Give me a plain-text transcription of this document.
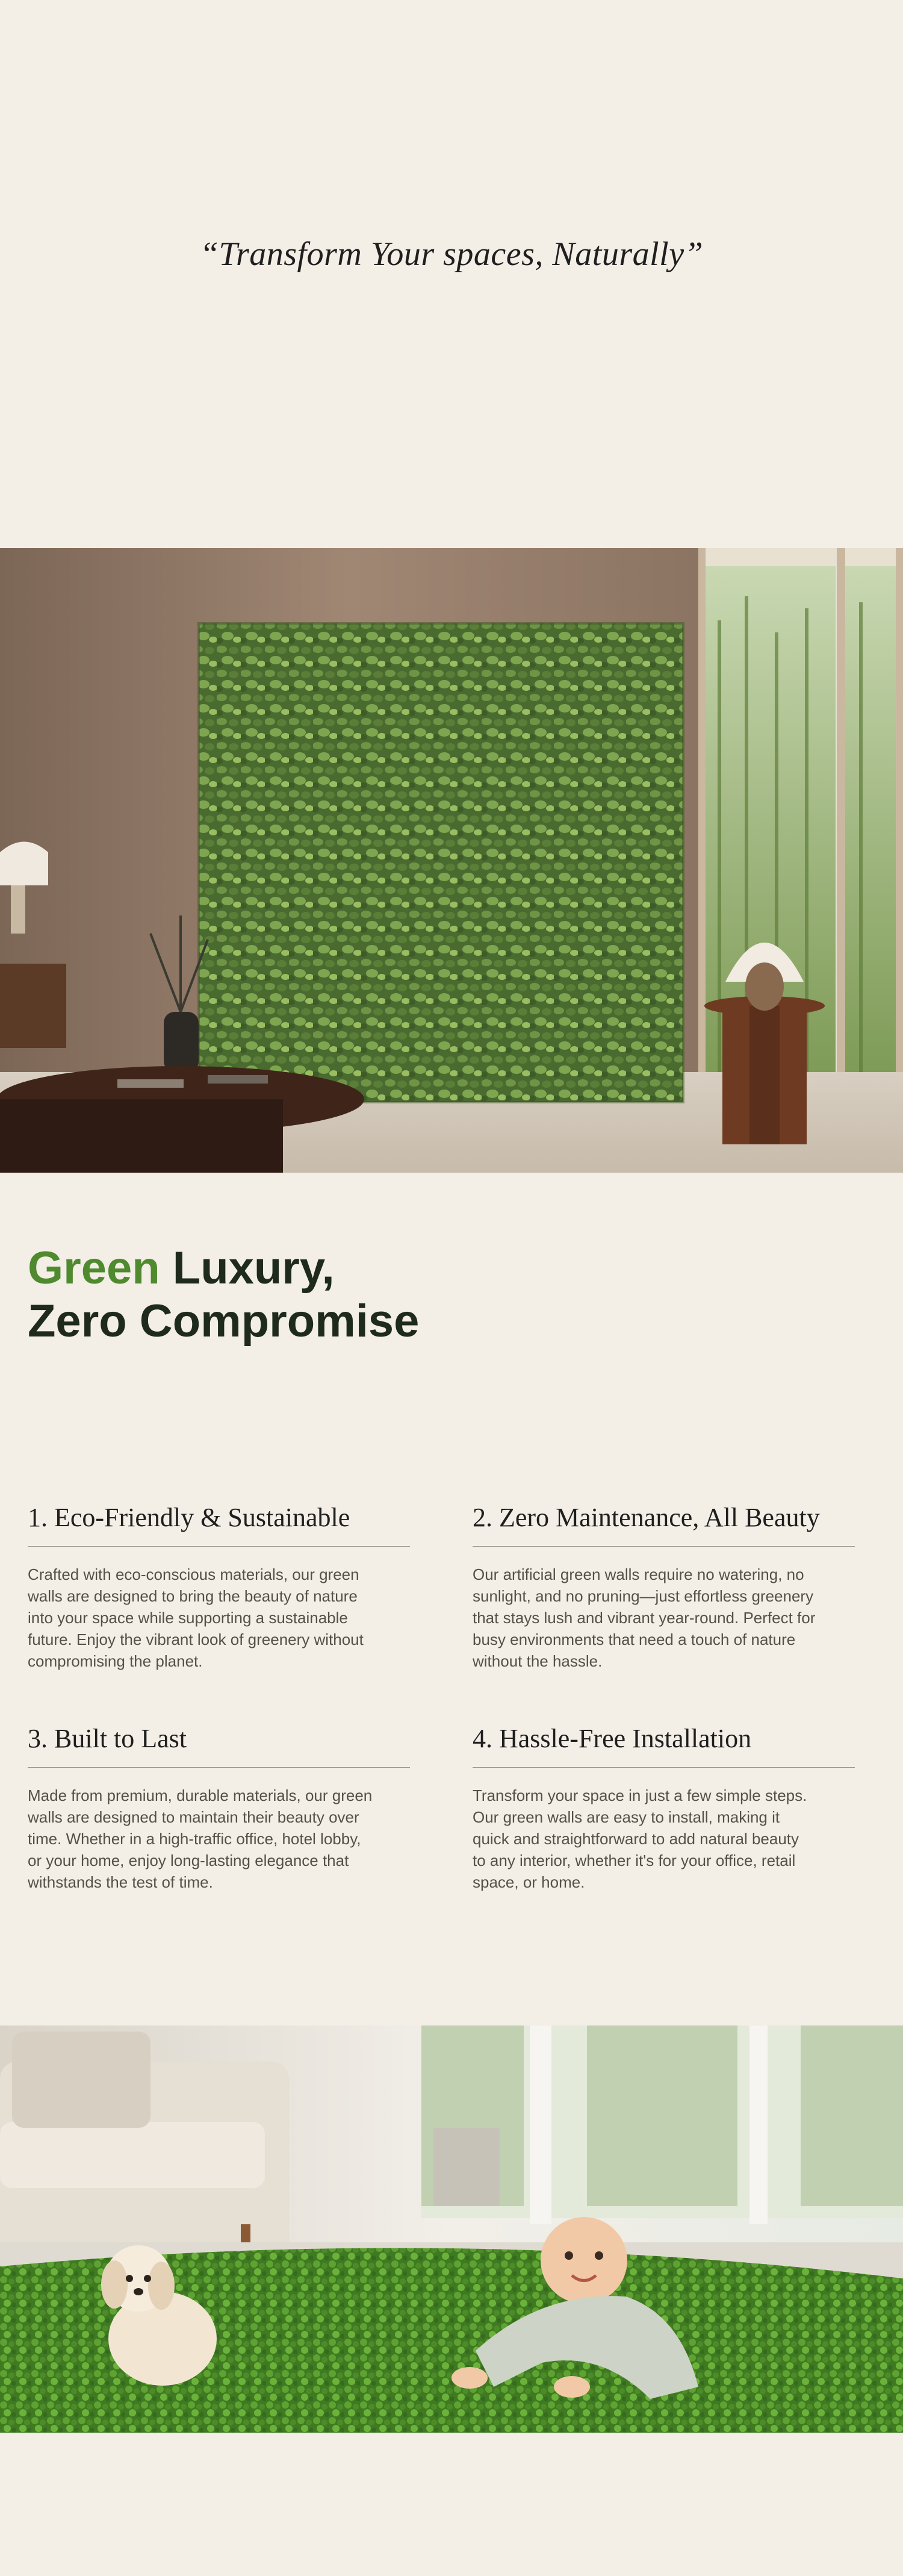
“Transform Your spaces, Naturally”
Green Luxury,
Zero Compromise
1. Eco-Friendly & Sustainable
Crafted with eco-conscious materials, our green
walls are designed to bring the beauty of nature
into your space while supporting a sustainable
future. Enjoy the vibrant look of greenery without
compromising the planet.
2. Zero Maintenance, All Beauty
Our artificial green walls require no watering, no
sunlight, and no pruning—just effortless greenery
that stays lush and vibrant year-round. Perfect for
busy environments that need a touch of nature
without the hassle.
3. Built to Last
Made from premium, durable materials, our green
walls are designed to maintain their beauty over
time. Whether in a high-traffic office, hotel lobby,
or your home, enjoy long-lasting elegance that
withstands the test of time.
4. Hassle-Free Installation
Transform your space in just a few simple steps.
Our green walls are easy to install, making it
quick and straightforward to add natural beauty
to any interior, whether it's for your office, retail
space, or home.
